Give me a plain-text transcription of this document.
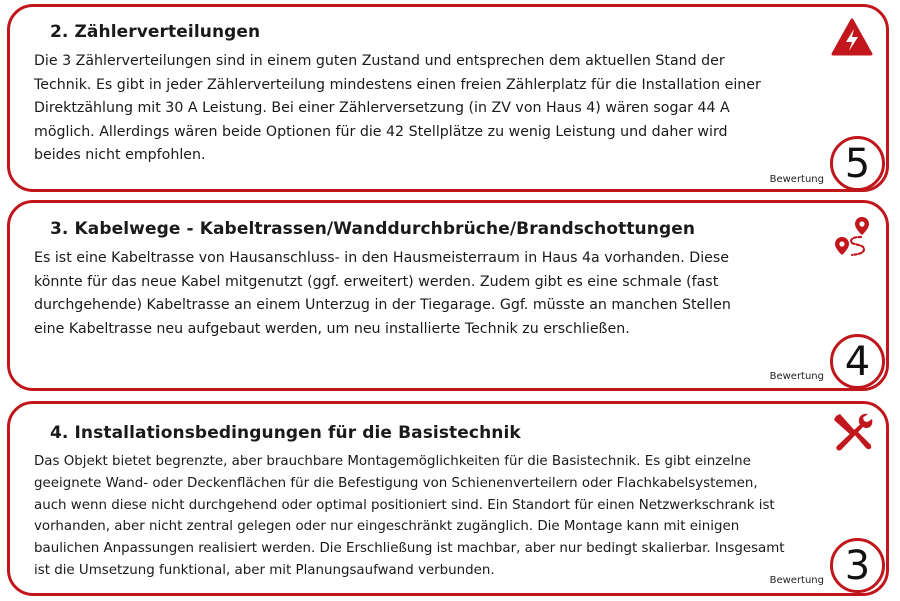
2. Zählerverteilungen
Die 3 Zählerverteilungen sind in einem guten Zustand und entsprechen dem aktuellen Stand der
Technik. Es gibt in jeder Zählerverteilung mindestens einen freien Zählerplatz für die Installation einer
Direktzählung mit 30 A Leistung. Bei einer Zählerversetzung (in ZV von Haus 4) wären sogar 44 A
möglich. Allerdings wären beide Optionen für die 42 Stellplätze zu wenig Leistung und daher wird
beides nicht empfohlen.
Bewertung 5
3. Kabelwege - Kabeltrassen/Wanddurchbrüche/Brandschottungen
Es ist eine Kabeltrasse von Hausanschluss- in den Hausmeisterraum in Haus 4a vorhanden. Diese
könnte für das neue Kabel mitgenutzt (ggf. erweitert) werden. Zudem gibt es eine schmale (fast
durchgehende) Kabeltrasse an einem Unterzug in der Tiegarage. Ggf. müsste an manchen Stellen
eine Kabeltrasse neu aufgebaut werden, um neu installierte Technik zu erschließen.
Bewertung 4
4. Installationsbedingungen für die Basistechnik
Das Objekt bietet begrenzte, aber brauchbare Montagemöglichkeiten für die Basistechnik. Es gibt einzelne
geeignete Wand- oder Deckenflächen für die Befestigung von Schienenverteilern oder Flachkabelsystemen,
auch wenn diese nicht durchgehend oder optimal positioniert sind. Ein Standort für einen Netzwerkschrank ist
vorhanden, aber nicht zentral gelegen oder nur eingeschränkt zugänglich. Die Montage kann mit einigen
baulichen Anpassungen realisiert werden. Die Erschließung ist machbar, aber nur bedingt skalierbar. Insgesamt
ist die Umsetzung funktional, aber mit Planungsaufwand verbunden.
Bewertung 3
